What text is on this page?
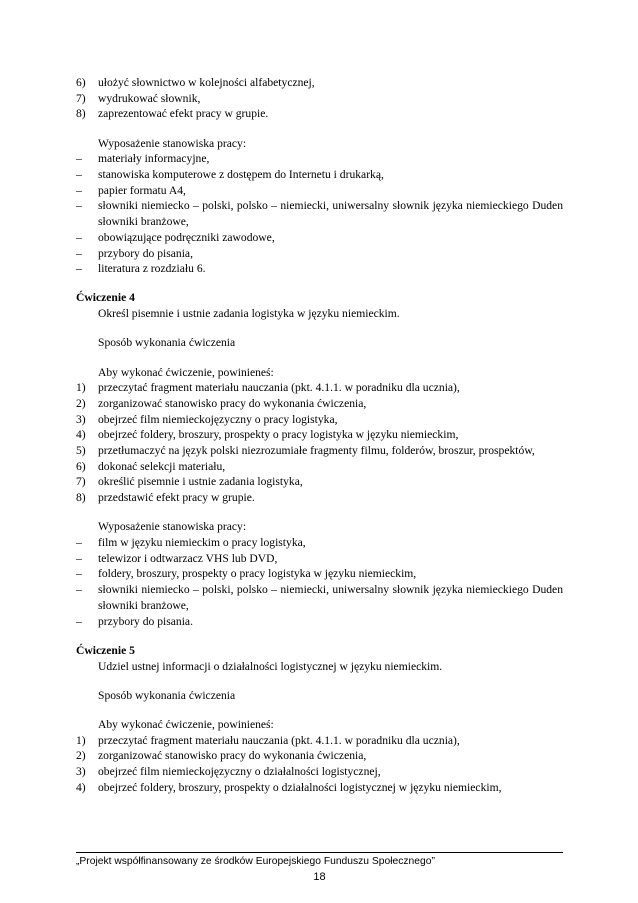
6)	ułożyć słownictwo w kolejności alfabetycznej,
7)	wydrukować słownik,
8)	zaprezentować efekt pracy w grupie.
Wyposażenie stanowiska pracy:
–	materiały informacyjne,
–	stanowiska komputerowe z dostępem do Internetu i drukarką,
–	papier formatu A4,
–	słowniki niemiecko – polski, polsko – niemiecki, uniwersalny słownik języka niemieckiego Duden słowniki branżowe,
–	obowiązujące podręczniki zawodowe,
–	przybory do pisania,
–	literatura z rozdziału 6.
Ćwiczenie 4
Określ pisemnie i ustnie zadania logistyka w języku niemieckim.
Sposób wykonania ćwiczenia
Aby wykonać ćwiczenie, powinieneś:
1)	przeczytać fragment materiału nauczania (pkt. 4.1.1. w poradniku dla ucznia),
2)	zorganizować stanowisko pracy do wykonania ćwiczenia,
3)	obejrzeć film niemieckojęzyczny o pracy logistyka,
4)	obejrzeć foldery, broszury, prospekty o pracy logistyka w języku niemieckim,
5)	przetłumaczyć na język polski niezrozumiałe fragmenty filmu, folderów, broszur, prospektów,
6)	dokonać selekcji materiału,
7)	określić pisemnie i ustnie zadania logistyka,
8)	przedstawić efekt pracy w grupie.
Wyposażenie stanowiska pracy:
–	film w języku niemieckim o pracy logistyka,
–	telewizor i odtwarzacz VHS lub DVD,
–	foldery, broszury, prospekty o pracy logistyka w języku niemieckim,
–	słowniki niemiecko – polski, polsko – niemiecki, uniwersalny słownik języka niemieckiego Duden słowniki branżowe,
–	przybory do pisania.
Ćwiczenie 5
Udziel ustnej informacji o działalności logistycznej w języku niemieckim.
Sposób wykonania ćwiczenia
Aby wykonać ćwiczenie, powinieneś:
1)	przeczytać fragment materiału nauczania (pkt. 4.1.1. w poradniku dla ucznia),
2)	zorganizować stanowisko pracy do wykonania ćwiczenia,
3)	obejrzeć film niemieckojęzyczny o działalności logistycznej,
4)	obejrzeć foldery, broszury, prospekty o działalności logistycznej w języku niemieckim,
„Projekt współfinansowany ze środków Europejskiego Funduszu Społecznego”
18
